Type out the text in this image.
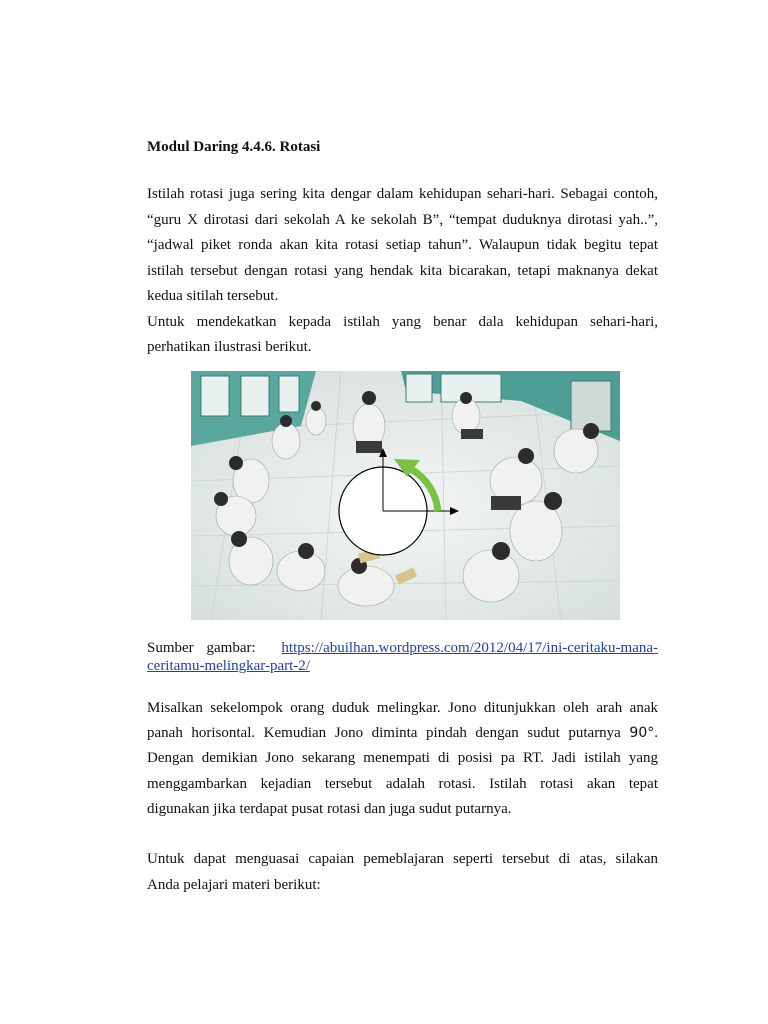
Modul Daring 4.4.6. Rotasi
Istilah rotasi juga sering kita dengar dalam kehidupan sehari-hari. Sebagai contoh,
“guru X dirotasi dari sekolah A ke sekolah B”, “tempat duduknya dirotasi yah..”,
“jadwal piket ronda akan kita rotasi setiap tahun”. Walaupun tidak begitu tepat
istilah tersebut dengan rotasi yang hendak kita bicarakan, tetapi maknanya dekat
kedua sitilah tersebut.
Untuk mendekatkan kepada istilah yang benar dala kehidupan sehari-hari,
perhatikan ilustrasi berikut.
Sumber gambar: https://abuilhan.wordpress.com/2012/04/17/ini-ceritaku-mana-
ceritamu-melingkar-part-2/
Misalkan sekelompok orang duduk melingkar. Jono ditunjukkan oleh arah anak
panah horisontal. Kemudian Jono diminta pindah dengan sudut putarnya 90°.
Dengan demikian Jono sekarang menempati di posisi pa RT. Jadi istilah yang
menggambarkan kejadian tersebut adalah rotasi. Istilah rotasi akan tepat
digunakan jika terdapat pusat rotasi dan juga sudut putarnya.
Untuk dapat menguasai capaian pemeblajaran seperti tersebut di atas, silakan
Anda pelajari materi berikut:
